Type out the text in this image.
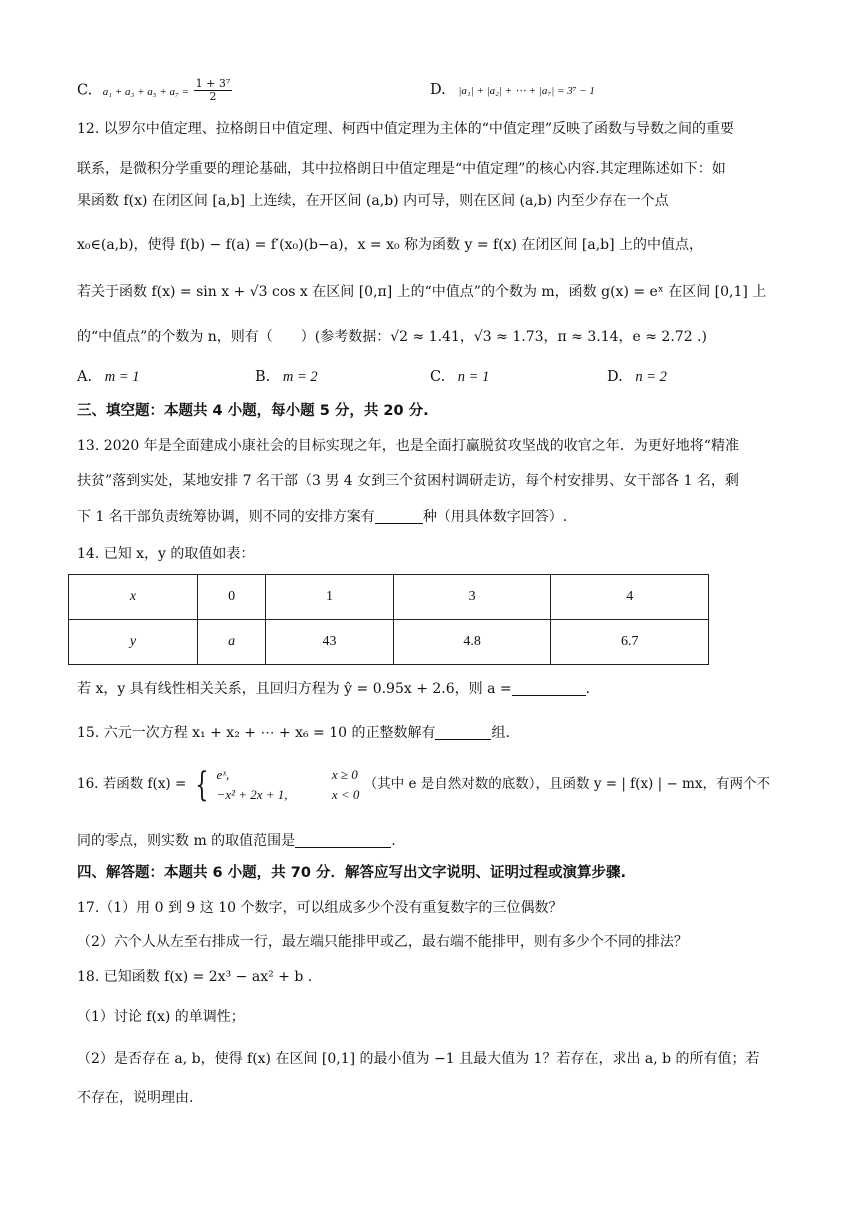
C. $a_1 + a_3 + a_5 + a_7 = \frac{\text{1 + 3⁷}}{2}$	D. |a₁| + |a₂| + ⋯ + |a₇| = 3⁷ − 1
12. 以罗尔中值定理、拉格朗日中值定理、柯西中值定理为主体的“中值定理”反映了函数与导数之间的重要
联系，是微积分学重要的理论基础，其中拉格朗日中值定理是“中值定理”的核心内容.其定理陈述如下：如
果函数 f(x) 在闭区间 [a,b] 上连续，在开区间 (a,b) 内可导，则在区间 (a,b) 内至少存在一个点
x₀∈(a,b)，使得 f(b) − f(a) = f′(x₀)(b−a)，x = x₀ 称为函数 y = f(x) 在闭区间 [a,b] 上的中值点，
若关于函数 f(x) = sin x + √3 cos x 在区间 [0,π] 上的“中值点”的个数为 m，函数 g(x) = eˣ 在区间 [0,1] 上
的“中值点”的个数为 n，则有（　　）(参考数据：√2 ≈ 1.41，√3 ≈ 1.73，π ≈ 3.14，e ≈ 2.72 .)
A. m = 1	B. m = 2	C. n = 1	D. n = 2
三、填空题：本题共 4 小题，每小题 5 分，共 20 分.
13. 2020 年是全面建成小康社会的目标实现之年，也是全面打赢脱贫攻坚战的收官之年．为更好地将“精准
扶贫”落到实处，某地安排 7 名干部（3 男 4 女到三个贫困村调研走访，每个村安排男、女干部各 1 名，剩
下 1 名干部负责统筹协调，则不同的安排方案有	种（用具体数字回答）.
14. 已知 x，y 的取值如表：
x	0	1	3	4
y	a	43	4.8	6.7
若 x，y 具有线性相关关系，且回归方程为 ŷ = 0.95x + 2.6，则 a =	.
15. 六元一次方程 x₁ + x₂ + ⋯ + x₆ = 10 的正整数解有	组.
16. 若函数 f(x) = { eˣ,
−x² + 2x + 1,

x ≥ 0
x < 0
（其中 e 是自然对数的底数），且函数 y = | f(x) | − mx，有两个不
同的零点，则实数 m 的取值范围是	.
四、解答题：本题共 6 小题，共 70 分．解答应写出文字说明、证明过程或演算步骤.
17.（1）用 0 到 9 这 10 个数字，可以组成多少个没有重复数字的三位偶数？
（2）六个人从左至右排成一行，最左端只能排甲或乙，最右端不能排甲，则有多少个不同的排法？
18. 已知函数 f(x) = 2x³ − ax² + b .
（1）讨论 f(x) 的单调性；
（2）是否存在 a, b，使得 f(x) 在区间 [0,1] 的最小值为 −1 且最大值为 1？若存在，求出 a, b 的所有值；若
不存在，说明理由.
